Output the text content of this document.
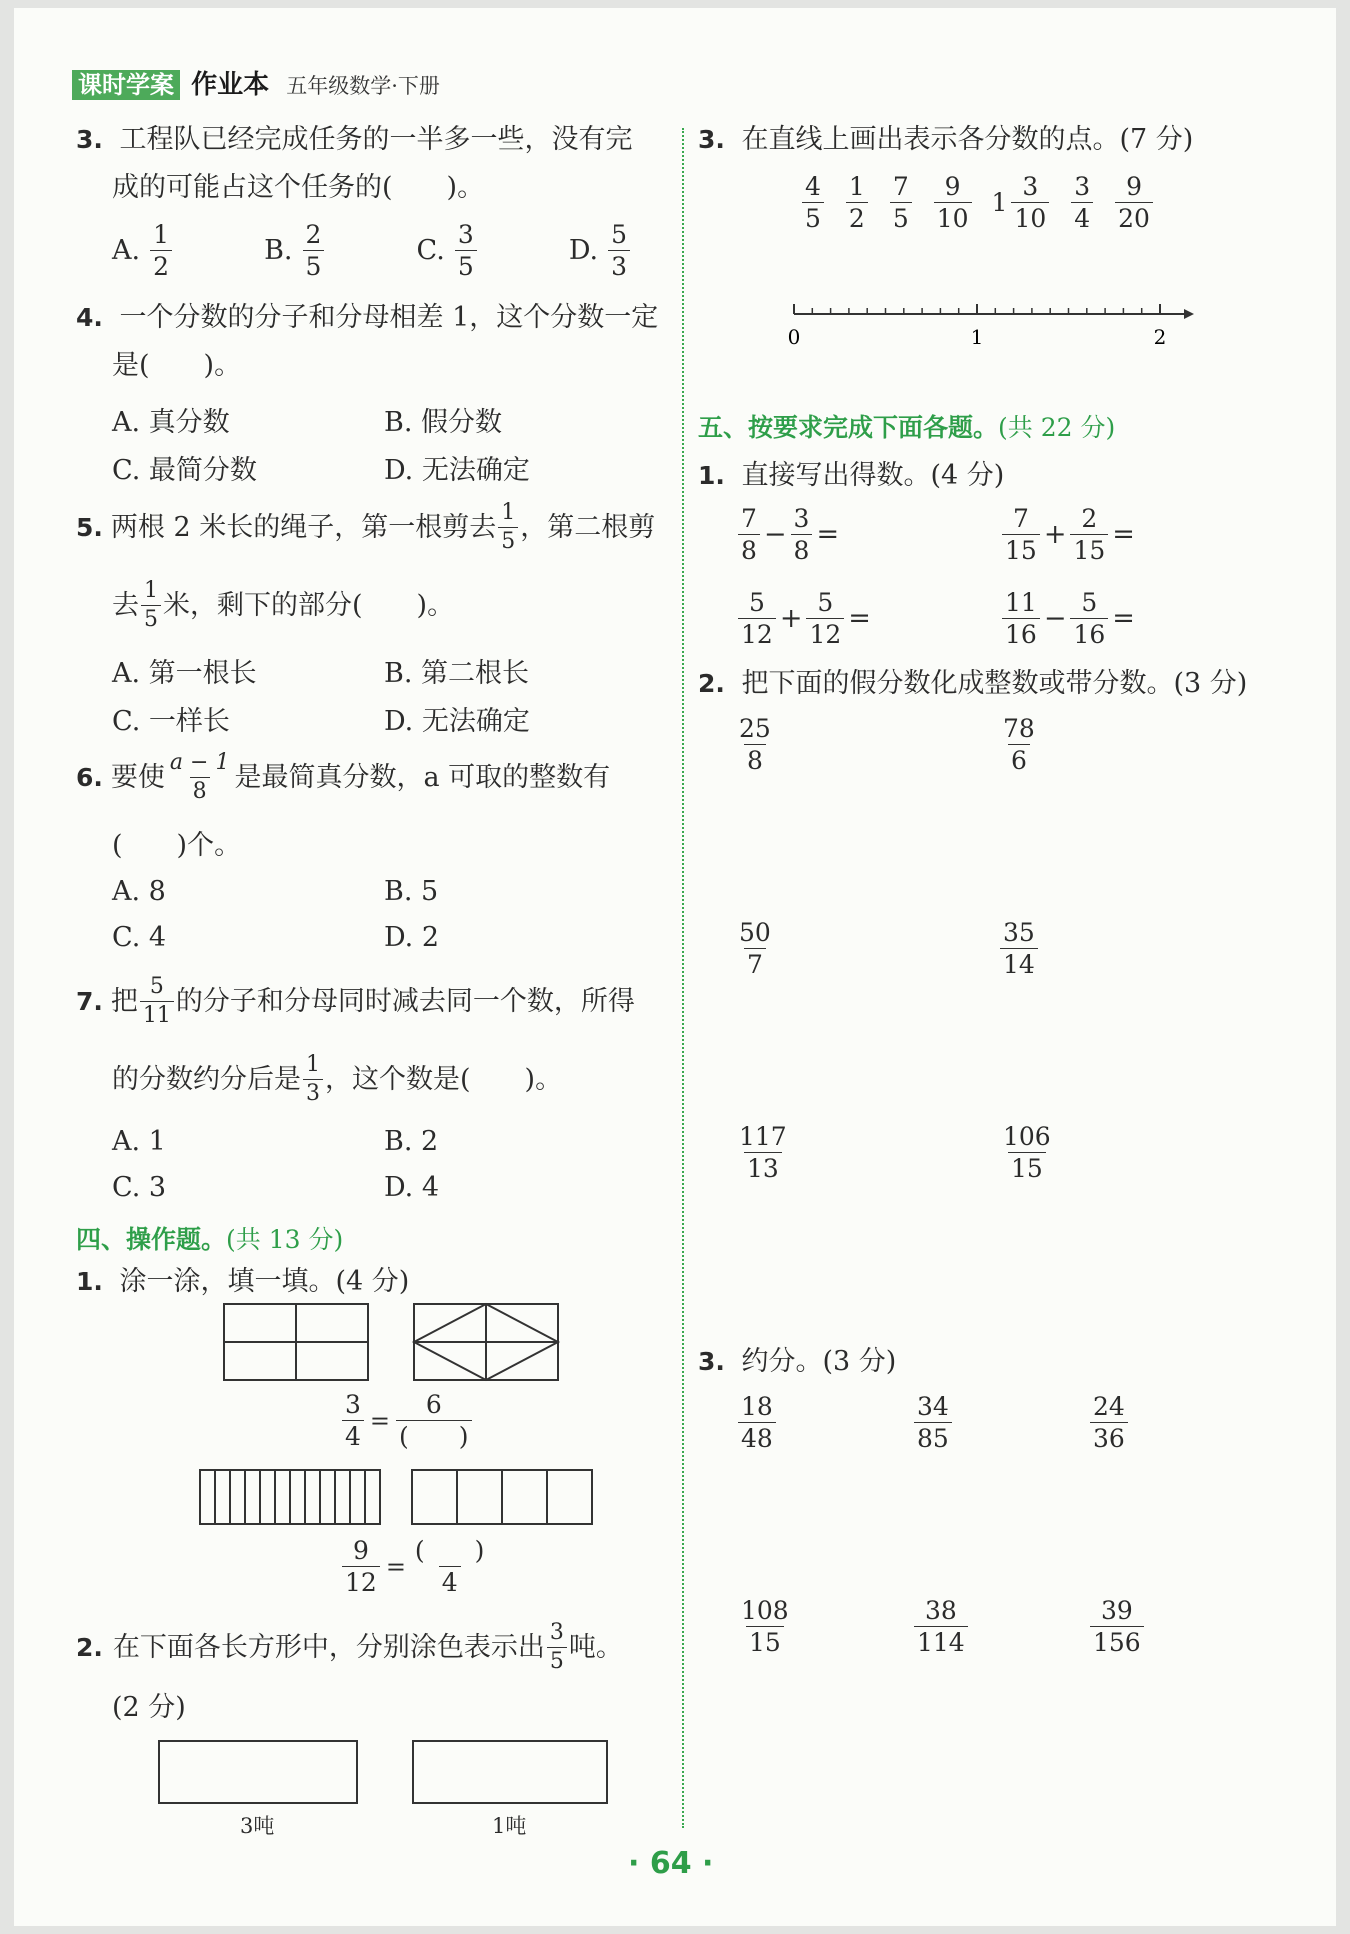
课时学案 作业本 五年级数学·下册
3. 工程队已经完成任务的一半多一些，没有完
成的可能占这个任务的(　　)。
A. $\frac{1}{2}$	B. $\frac{2}{5}$	C. $\frac{3}{5}$	D. $\frac{5}{3}$
4. 一个分数的分子和分母相差 1，这个分数一定
是(　　)。
A. 真分数	B. 假分数
C. 最简分数	D. 无法确定
5. 两根 2 米长的绳子，第一根剪去 $\frac{1}{5}$ ，第二根剪
去 $\frac{1}{5}$ 米，剩下的部分(　　)。
A. 第一根长	B. 第二根长
C. 一样长	D. 无法确定
6. 要使 $\frac{a - 1}{8}$ 是最简真分数，a 可取的整数有
(　　)个。
A. 8	B. 5
C. 4	D. 2
7. 把 $\frac{5}{11}$ 的分子和分母同时减去同一个数，所得
的分数约分后是 $\frac{1}{3}$ ，这个数是(　　)。
A. 1	B. 2
C. 3	D. 4
四、操作题。(共 13 分)
1. 涂一涂，填一填。(4 分)
$\frac{3}{4} = \frac{6}{( )}$
$\frac{9}{12} = \frac{( )}{4}$
2. 在下面各长方形中，分别涂色表示出 $\frac{3}{5}$ 吨。
(2 分)
3吨	1吨
3. 在直线上画出表示各分数的点。(7 分)
$\frac{4}{5} \frac{1}{2} \frac{7}{5} \frac{9}{10} 1 \frac{3}{10} \frac{3}{4} \frac{9}{20}$
0	1	2
五、按要求完成下面各题。(共 22 分)
1. 直接写出得数。(4 分)
$\frac{7}{8} - \frac{3}{8}$ =	$\frac{7}{15} + \frac{2}{15}$ =
$\frac{5}{12} + \frac{5}{12}$ =	$\frac{11}{16} - \frac{5}{16}$ =
2. 把下面的假分数化成整数或带分数。(3 分)
$\frac{25}{8}$	$\frac{78}{6}$
$\frac{50}{7}$	$\frac{35}{14}$
$\frac{117}{13}$	$\frac{106}{15}$
3. 约分。(3 分)
$\frac{18}{48}$	$\frac{34}{85}$	$\frac{24}{36}$
$\frac{108}{15}$	$\frac{38}{114}$	$\frac{39}{156}$
· 64 ·
